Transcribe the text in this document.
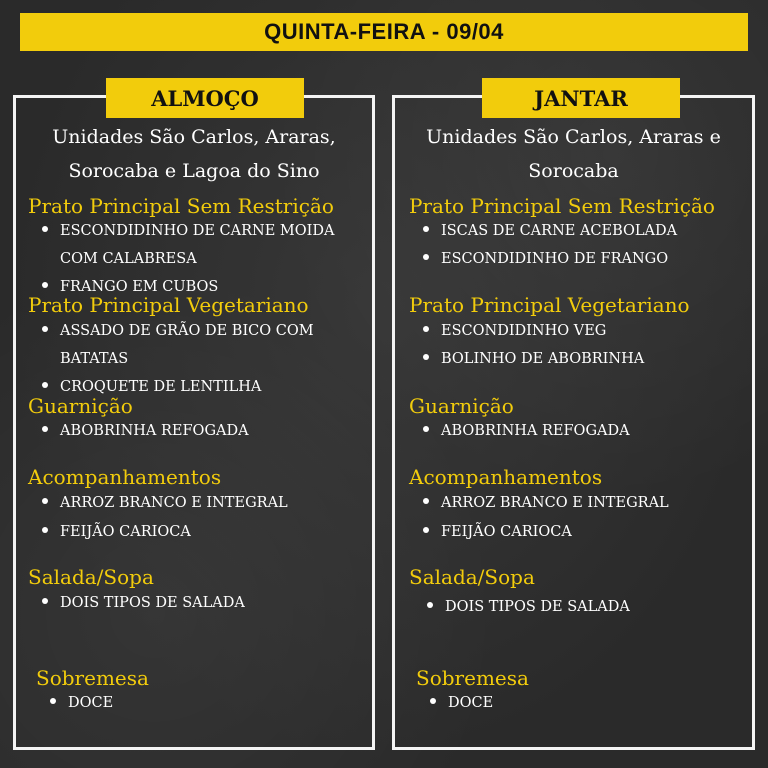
QUINTA-FEIRA - 09/04
ALMOÇO
Unidades São Carlos, Araras,
Sorocaba e Lagoa do Sino
Prato Principal Sem Restrição
ESCONDIDINHO DE CARNE MOIDA
COM CALABRESA
FRANGO EM CUBOS
Prato Principal Vegetariano
ASSADO DE GRÃO DE BICO COM
BATATAS
CROQUETE DE LENTILHA
Guarnição
ABOBRINHA REFOGADA
Acompanhamentos
ARROZ BRANCO E INTEGRAL
FEIJÃO CARIOCA
Salada/Sopa
DOIS TIPOS DE SALADA
Sobremesa
DOCE
JANTAR
Unidades São Carlos, Araras e
Sorocaba
Prato Principal Sem Restrição
ISCAS DE CARNE ACEBOLADA
ESCONDIDINHO DE FRANGO
Prato Principal Vegetariano
ESCONDIDINHO VEG
BOLINHO DE ABOBRINHA
Guarnição
ABOBRINHA REFOGADA
Acompanhamentos
ARROZ BRANCO E INTEGRAL
FEIJÃO CARIOCA
Salada/Sopa
DOIS TIPOS DE SALADA
Sobremesa
DOCE
